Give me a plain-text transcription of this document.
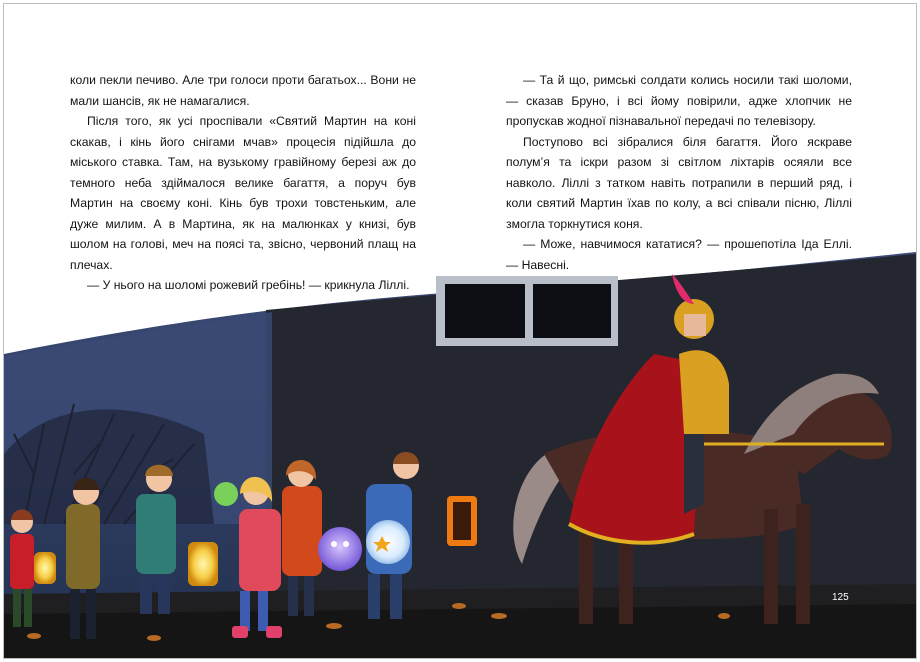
коли пекли печиво. Але три голоси проти багатьох... Вони не мали шансів, як не намагалися.

Після того, як усі проспівали «Святий Мартин на коні скакав, і кінь його снігами мчав» процесія підійшла до міського ставка. Там, на вузькому гравійному березі аж до темного неба здіймалося велике багаття, а поруч був Мартин на своєму коні. Кінь був трохи товстеньким, але дуже милим. А в Мартина, як на малюнках у книзі, був шолом на голові, меч на поясі та, звісно, червоний плащ на плечах.

— У нього на шоломі рожевий гребінь! — крикнула Ліллі.

— Та й що, римські солдати колись носили такі шоломи,— сказав Бруно, і всі йому повірили, адже хлопчик не пропускав жодної пізнавальної передачі по телевізору.

Поступово всі зібралися біля багаття. Його яскраве полум’я та іскри разом зі світлом ліхтарів осяяли все навколо. Ліллі з татком навіть потрапили в перший ряд, і коли святий Мартин їхав по колу, а всі співали пісню, Ліллі змогла торкнутися коня.

— Може, навчимося кататися? — прошепотіла Іда Еллі.— Навесні.

125
